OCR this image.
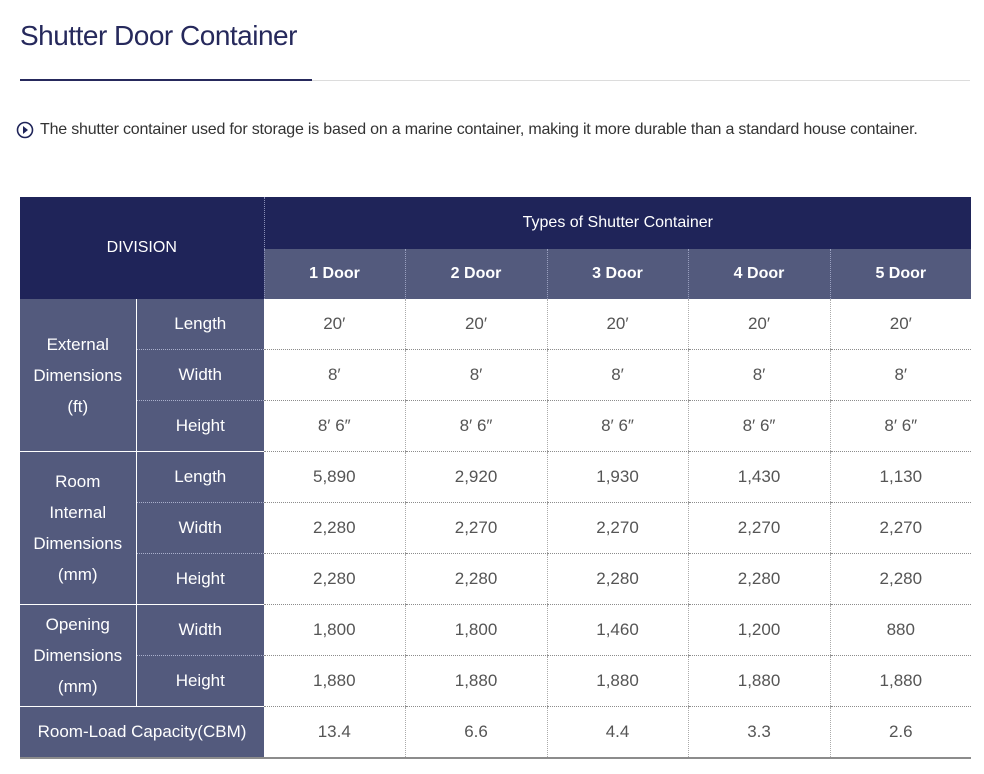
Shutter Door Container
The shutter container used for storage is based on a marine container, making it more durable than a standard house container.
DIVISION		Types of Shutter Container				
		1 Door	2 Door	3 Door	4 Door	5 Door
External
Dimensions
(ft)	Length	20′	20′	20′	20′	20′
	Width	8′	8′	8′	8′	8′
	Height	8′ 6″	8′ 6″	8′ 6″	8′ 6″	8′ 6″
Room
Internal
Dimensions
(mm)	Length	5,890	2,920	1,930	1,430	1,130
	Width	2,280	2,270	2,270	2,270	2,270
	Height	2,280	2,280	2,280	2,280	2,280
Opening
Dimensions
(mm)	Width	1,800	1,800	1,460	1,200	880
	Height	1,880	1,880	1,880	1,880	1,880
Room-Load Capacity(CBM)		13.4	6.6	4.4	3.3	2.6
